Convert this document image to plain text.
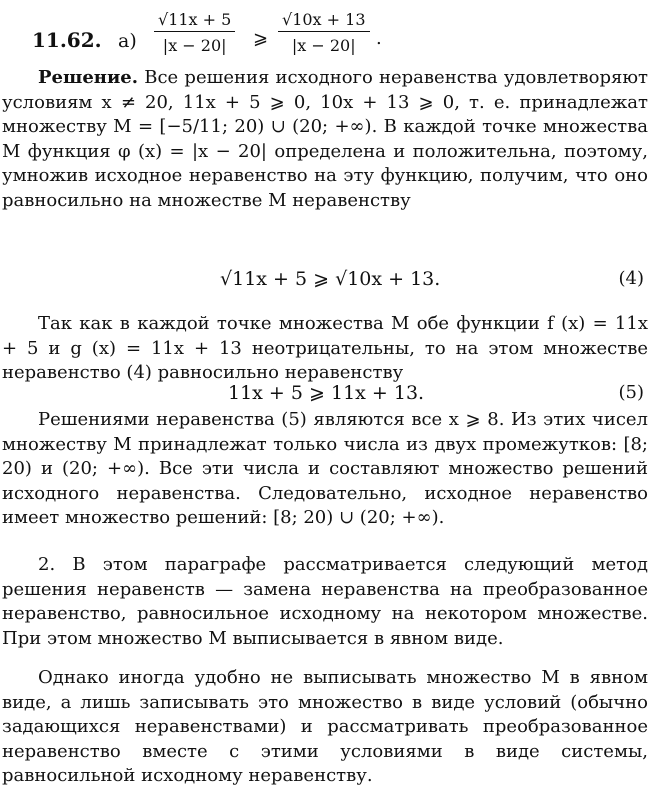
11.62. $а) \frac{√11x + 5}{|x - 20|}$ ⩾ $\frac{√10x + 13}{|x - 20|}$ .

Решение. Все решения исходного неравенства удовлетворяют условиям x ≠ 20, 11x + 5 ⩾ 0, 10x + 13 ⩾ 0, т. е. принадлежат множеству M = [−5/11; 20) ∪ (20; +∞). В каждой точке множества M функция φ (x) = |x − 20| определена и положительна, поэтому, умножив исходное неравенство на эту функцию, получим, что оно равносильно на множестве M неравенству

√11x + 5 ⩾ √10x + 13.	(4)

Так как в каждой точке множества M обе функции f (x) = 11x + 5 и g (x) = 11x + 13 неотрицательны, то на этом множестве неравенство (4) равносильно неравенству

11x + 5 ⩾ 11x + 13.	(5)

Решениями неравенства (5) являются все x ⩾ 8. Из этих чисел множеству M принадлежат только числа из двух промежутков: [8; 20) и (20; +∞). Все эти числа и составляют множество решений исходного неравенства. Следовательно, исходное неравенство имеет множество решений: [8; 20) ∪ (20; +∞).

2. В этом параграфе рассматривается следующий метод решения неравенств — замена неравенства на преобразованное неравенство, равносильное исходному на некотором множестве. При этом множество M выписывается в явном виде.

Однако иногда удобно не выписывать множество M в явном виде, а лишь записывать это множество в виде условий (обычно задающихся неравенствами) и рассматривать преобразованное неравенство вместе с этими условиями в виде системы, равносильной исходному неравенству.
